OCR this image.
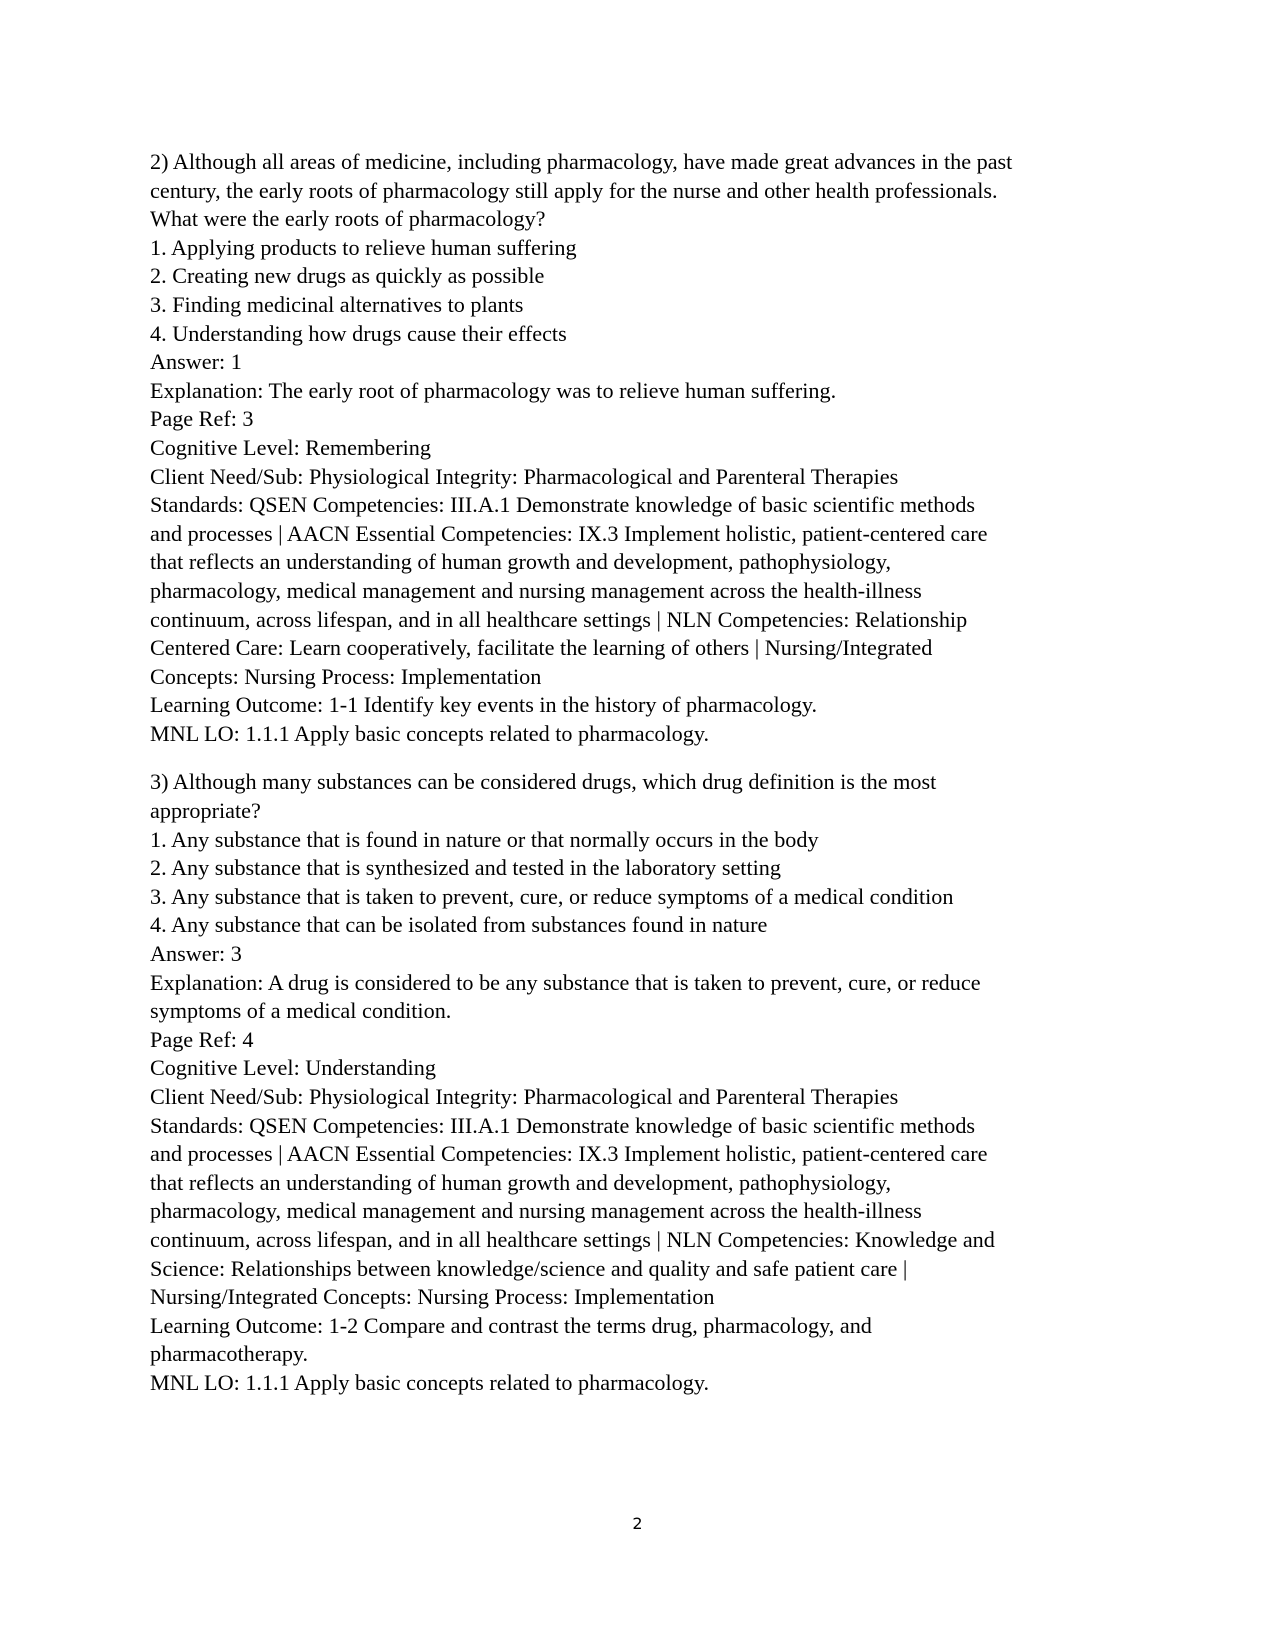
2) Although all areas of medicine, including pharmacology, have made great advances in the past
century, the early roots of pharmacology still apply for the nurse and other health professionals.
What were the early roots of pharmacology?
1. Applying products to relieve human suffering
2. Creating new drugs as quickly as possible
3. Finding medicinal alternatives to plants
4. Understanding how drugs cause their effects
Answer: 1
Explanation: The early root of pharmacology was to relieve human suffering.
Page Ref: 3
Cognitive Level: Remembering
Client Need/Sub: Physiological Integrity: Pharmacological and Parenteral Therapies
Standards: QSEN Competencies: III.A.1 Demonstrate knowledge of basic scientific methods
and processes | AACN Essential Competencies: IX.3 Implement holistic, patient-centered care
that reflects an understanding of human growth and development, pathophysiology,
pharmacology, medical management and nursing management across the health-illness
continuum, across lifespan, and in all healthcare settings | NLN Competencies: Relationship
Centered Care: Learn cooperatively, facilitate the learning of others | Nursing/Integrated
Concepts: Nursing Process: Implementation
Learning Outcome: 1-1 Identify key events in the history of pharmacology.
MNL LO: 1.1.1 Apply basic concepts related to pharmacology.
3) Although many substances can be considered drugs, which drug definition is the most
appropriate?
1. Any substance that is found in nature or that normally occurs in the body
2. Any substance that is synthesized and tested in the laboratory setting
3. Any substance that is taken to prevent, cure, or reduce symptoms of a medical condition
4. Any substance that can be isolated from substances found in nature
Answer: 3
Explanation: A drug is considered to be any substance that is taken to prevent, cure, or reduce
symptoms of a medical condition.
Page Ref: 4
Cognitive Level: Understanding
Client Need/Sub: Physiological Integrity: Pharmacological and Parenteral Therapies
Standards: QSEN Competencies: III.A.1 Demonstrate knowledge of basic scientific methods
and processes | AACN Essential Competencies: IX.3 Implement holistic, patient-centered care
that reflects an understanding of human growth and development, pathophysiology,
pharmacology, medical management and nursing management across the health-illness
continuum, across lifespan, and in all healthcare settings | NLN Competencies: Knowledge and
Science: Relationships between knowledge/science and quality and safe patient care |
Nursing/Integrated Concepts: Nursing Process: Implementation
Learning Outcome: 1-2 Compare and contrast the terms drug, pharmacology, and
pharmacotherapy.
MNL LO: 1.1.1 Apply basic concepts related to pharmacology.
2
